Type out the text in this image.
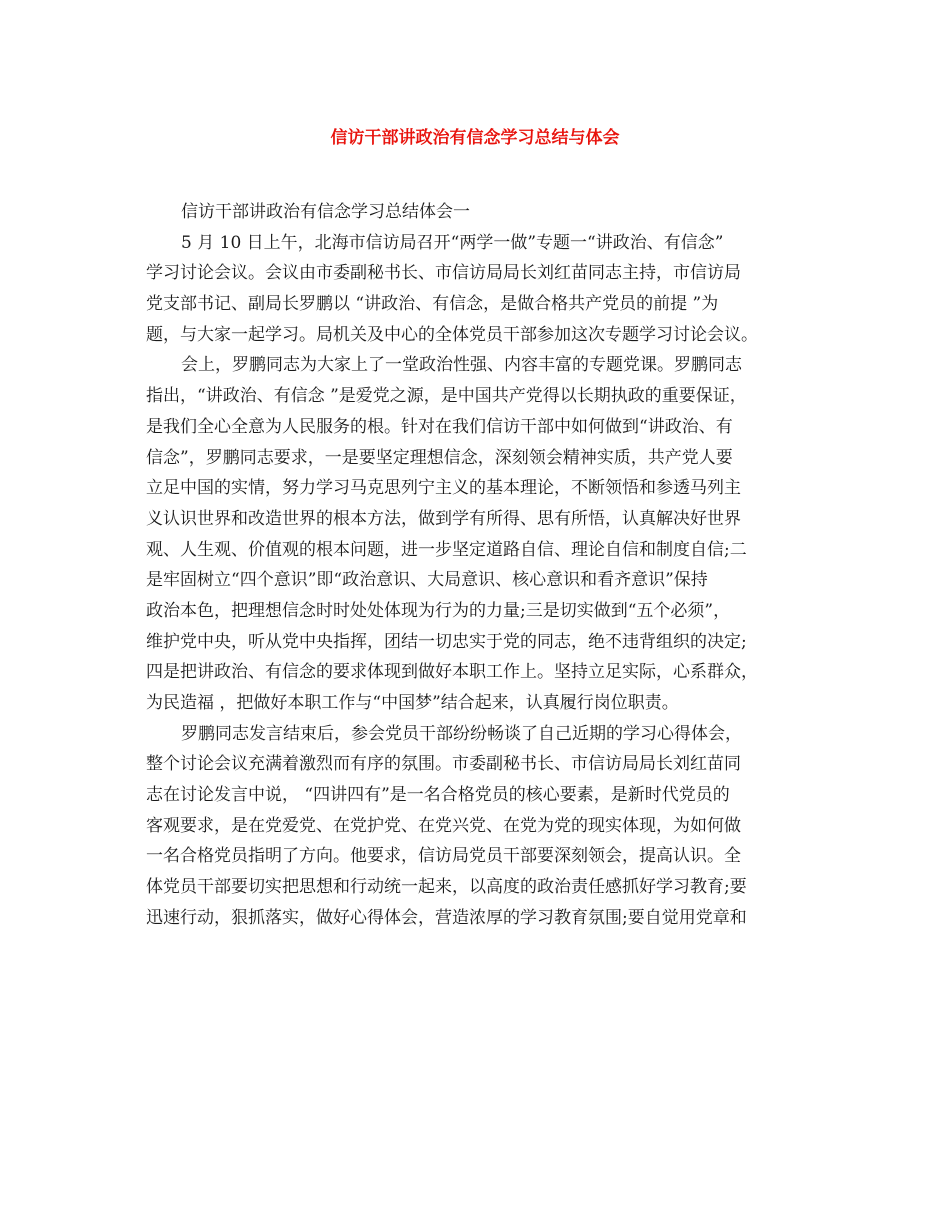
信访干部讲政治有信念学习总结与体会
信访干部讲政治有信念学习总结体会一
5 月 10 日上午，北海市信访局召开“两学一做”专题一“讲政治、有信念”
学习讨论会议。会议由市委副秘书长、市信访局局长刘红苗同志主持，市信访局
党支部书记、副局长罗鹏以 “讲政治、有信念，是做合格共产党员的前提 ”为
题，与大家一起学习。局机关及中心的全体党员干部参加这次专题学习讨论会议。
会上，罗鹏同志为大家上了一堂政治性强、内容丰富的专题党课。罗鹏同志
指出，“讲政治、有信念 ”是爱党之源，是中国共产党得以长期执政的重要保证，
是我们全心全意为人民服务的根。针对在我们信访干部中如何做到“讲政治、有
信念”，罗鹏同志要求，一是要坚定理想信念，深刻领会精神实质，共产党人要
立足中国的实情，努力学习马克思列宁主义的基本理论，不断领悟和参透马列主
义认识世界和改造世界的根本方法，做到学有所得、思有所悟，认真解决好世界
观、人生观、价值观的根本问题，进一步坚定道路自信、理论自信和制度自信;二
是牢固树立“四个意识”即“政治意识、大局意识、核心意识和看齐意识”保持
政治本色，把理想信念时时处处体现为行为的力量;三是切实做到“五个必须”，
维护党中央，听从党中央指挥，团结一切忠实于党的同志，绝不违背组织的决定;
四是把讲政治、有信念的要求体现到做好本职工作上。坚持立足实际，心系群众，
为民造福 ，把做好本职工作与“中国梦”结合起来，认真履行岗位职责。
罗鹏同志发言结束后，参会党员干部纷纷畅谈了自己近期的学习心得体会，
整个讨论会议充满着激烈而有序的氛围。市委副秘书长、市信访局局长刘红苗同
志在讨论发言中说， “四讲四有”是一名合格党员的核心要素，是新时代党员的
客观要求，是在党爱党、在党护党、在党兴党、在党为党的现实体现，为如何做
一名合格党员指明了方向。他要求，信访局党员干部要深刻领会，提高认识。全
体党员干部要切实把思想和行动统一起来，以高度的政治责任感抓好学习教育;要
迅速行动，狠抓落实，做好心得体会，营造浓厚的学习教育氛围;要自觉用党章和
